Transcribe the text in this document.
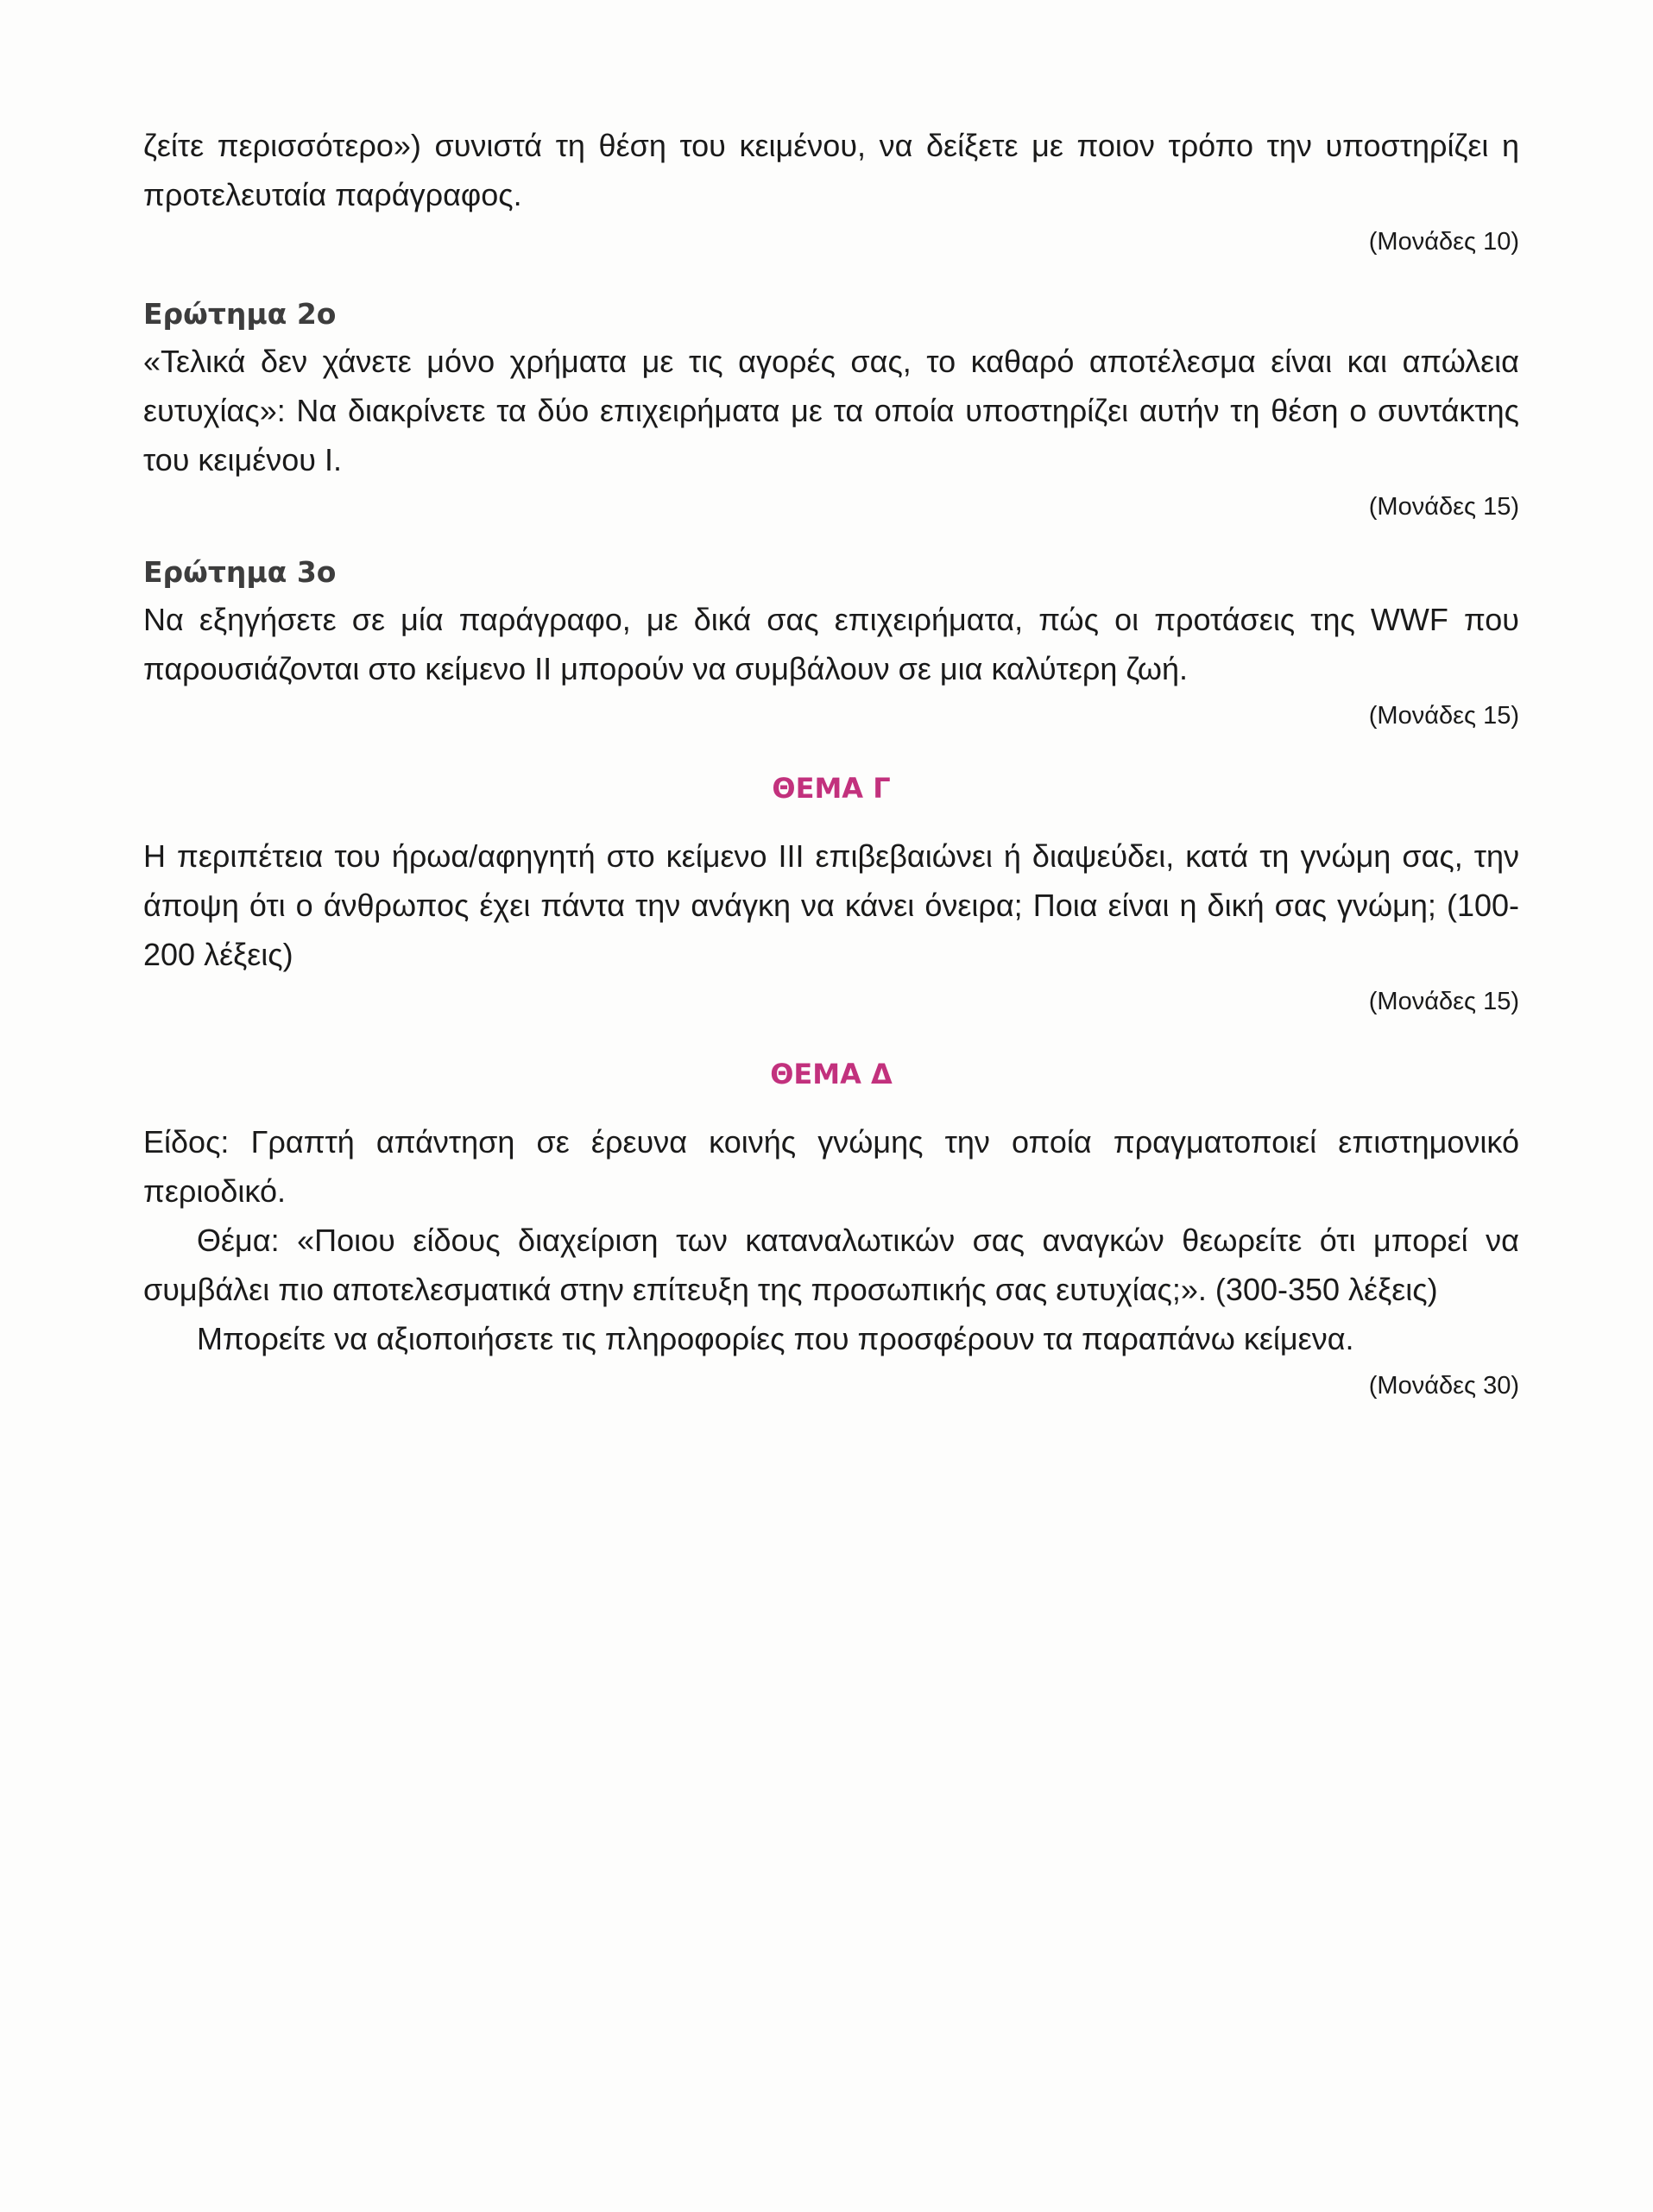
ζείτε περισσότερο») συνιστά τη θέση του κειμένου, να δείξετε με ποιον τρόπο την υποστηρίζει η προτελευταία παράγραφος.

(Μονάδες 10)

Ερώτημα 2ο

«Τελικά δεν χάνετε μόνο χρήματα με τις αγορές σας, το καθαρό αποτέλεσμα είναι και απώλεια ευτυχίας»: Να διακρίνετε τα δύο επιχειρήματα με τα οποία υποστηρίζει αυτήν τη θέση ο συντάκτης του κειμένου Ι.

(Μονάδες 15)

Ερώτημα 3ο

Να εξηγήσετε σε μία παράγραφο, με δικά σας επιχειρήματα, πώς οι προτάσεις της WWF που παρουσιάζονται στο κείμενο ΙΙ μπορούν να συμβάλουν σε μια καλύτερη ζωή.

(Μονάδες 15)

ΘΕΜΑ Γ

Η περιπέτεια του ήρωα/αφηγητή στο κείμενο ΙΙΙ επιβεβαιώνει ή διαψεύδει, κατά τη γνώμη σας, την άποψη ότι ο άνθρωπος έχει πάντα την ανάγκη να κάνει όνειρα; Ποια είναι η δική σας γνώμη; (100-200 λέξεις)

(Μονάδες 15)

ΘΕΜΑ Δ

Είδος: Γραπτή απάντηση σε έρευνα κοινής γνώμης την οποία πραγματοποιεί επιστημονικό περιοδικό.

Θέμα: «Ποιου είδους διαχείριση των καταναλωτικών σας αναγκών θεωρείτε ότι μπορεί να συμβάλει πιο αποτελεσματικά στην επίτευξη της προσωπικής σας ευτυχίας;». (300-350 λέξεις)

Μπορείτε να αξιοποιήσετε τις πληροφορίες που προσφέρουν τα παραπάνω κείμενα.

(Μονάδες 30)
